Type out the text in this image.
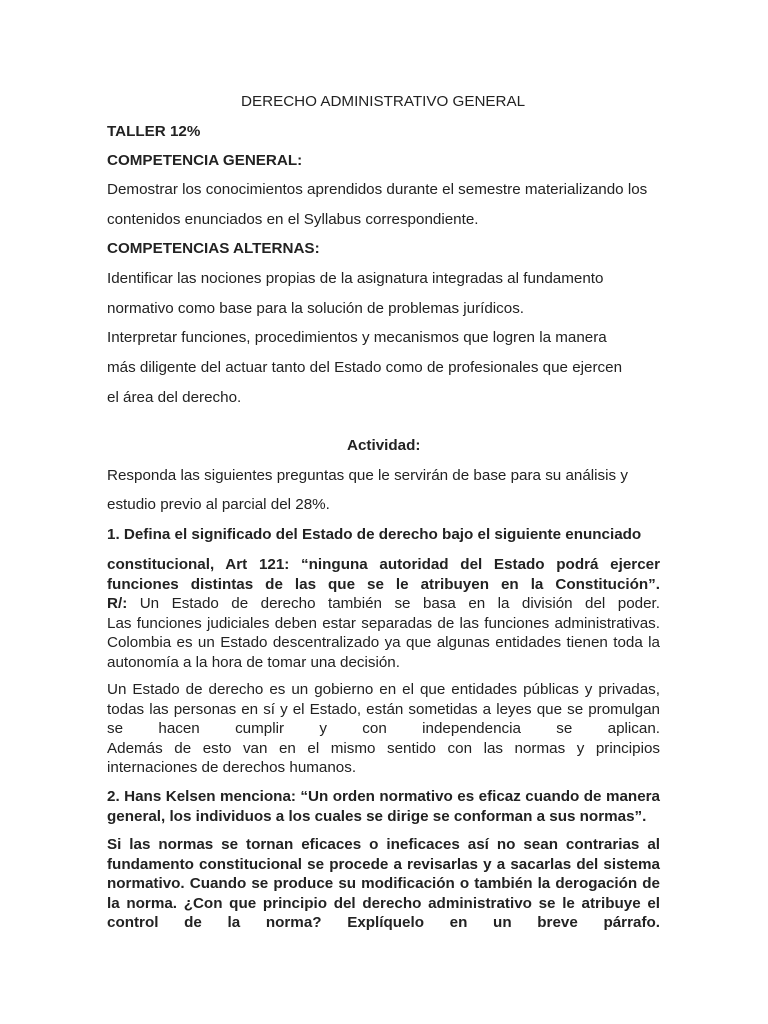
DERECHO ADMINISTRATIVO GENERAL
TALLER 12%
COMPETENCIA GENERAL:
Demostrar los conocimientos aprendidos durante el semestre materializando los
contenidos enunciados en el Syllabus correspondiente.
COMPETENCIAS ALTERNAS:
Identificar las nociones propias de la asignatura integradas al fundamento
normativo como base para la solución de problemas jurídicos.
Interpretar funciones, procedimientos y mecanismos que logren la manera
más diligente del actuar tanto del Estado como de profesionales que ejercen
el área del derecho.
Actividad:
Responda las siguientes preguntas que le servirán de base para su análisis y
estudio previo al parcial del 28%.
1. Defina el significado del Estado de derecho bajo el siguiente enunciado
constitucional, Art 121: “ninguna autoridad del Estado podrá ejercer
funciones distintas de las que se le atribuyen en la Constitución”.
R/: Un Estado de derecho también se basa en la división del poder.
Las funciones judiciales deben estar separadas de las funciones administrativas.
Colombia es un Estado descentralizado ya que algunas entidades tienen toda la
autonomía a la hora de tomar una decisión.
Un Estado de derecho es un gobierno en el que entidades públicas y privadas,
todas las personas en sí y el Estado, están sometidas a leyes que se promulgan
se hacen cumplir y con independencia se aplican.
Además de esto van en el mismo sentido con las normas y principios
internaciones de derechos humanos.
2. Hans Kelsen menciona: “Un orden normativo es eficaz cuando de manera
general, los individuos a los cuales se dirige se conforman a sus normas”.
Si las normas se tornan eficaces o ineficaces así no sean contrarias al
fundamento constitucional se procede a revisarlas y a sacarlas del sistema
normativo. Cuando se produce su modificación o también la derogación de
la norma. ¿Con que principio del derecho administrativo se le atribuye el
control de la norma? Explíquelo en un breve párrafo.
